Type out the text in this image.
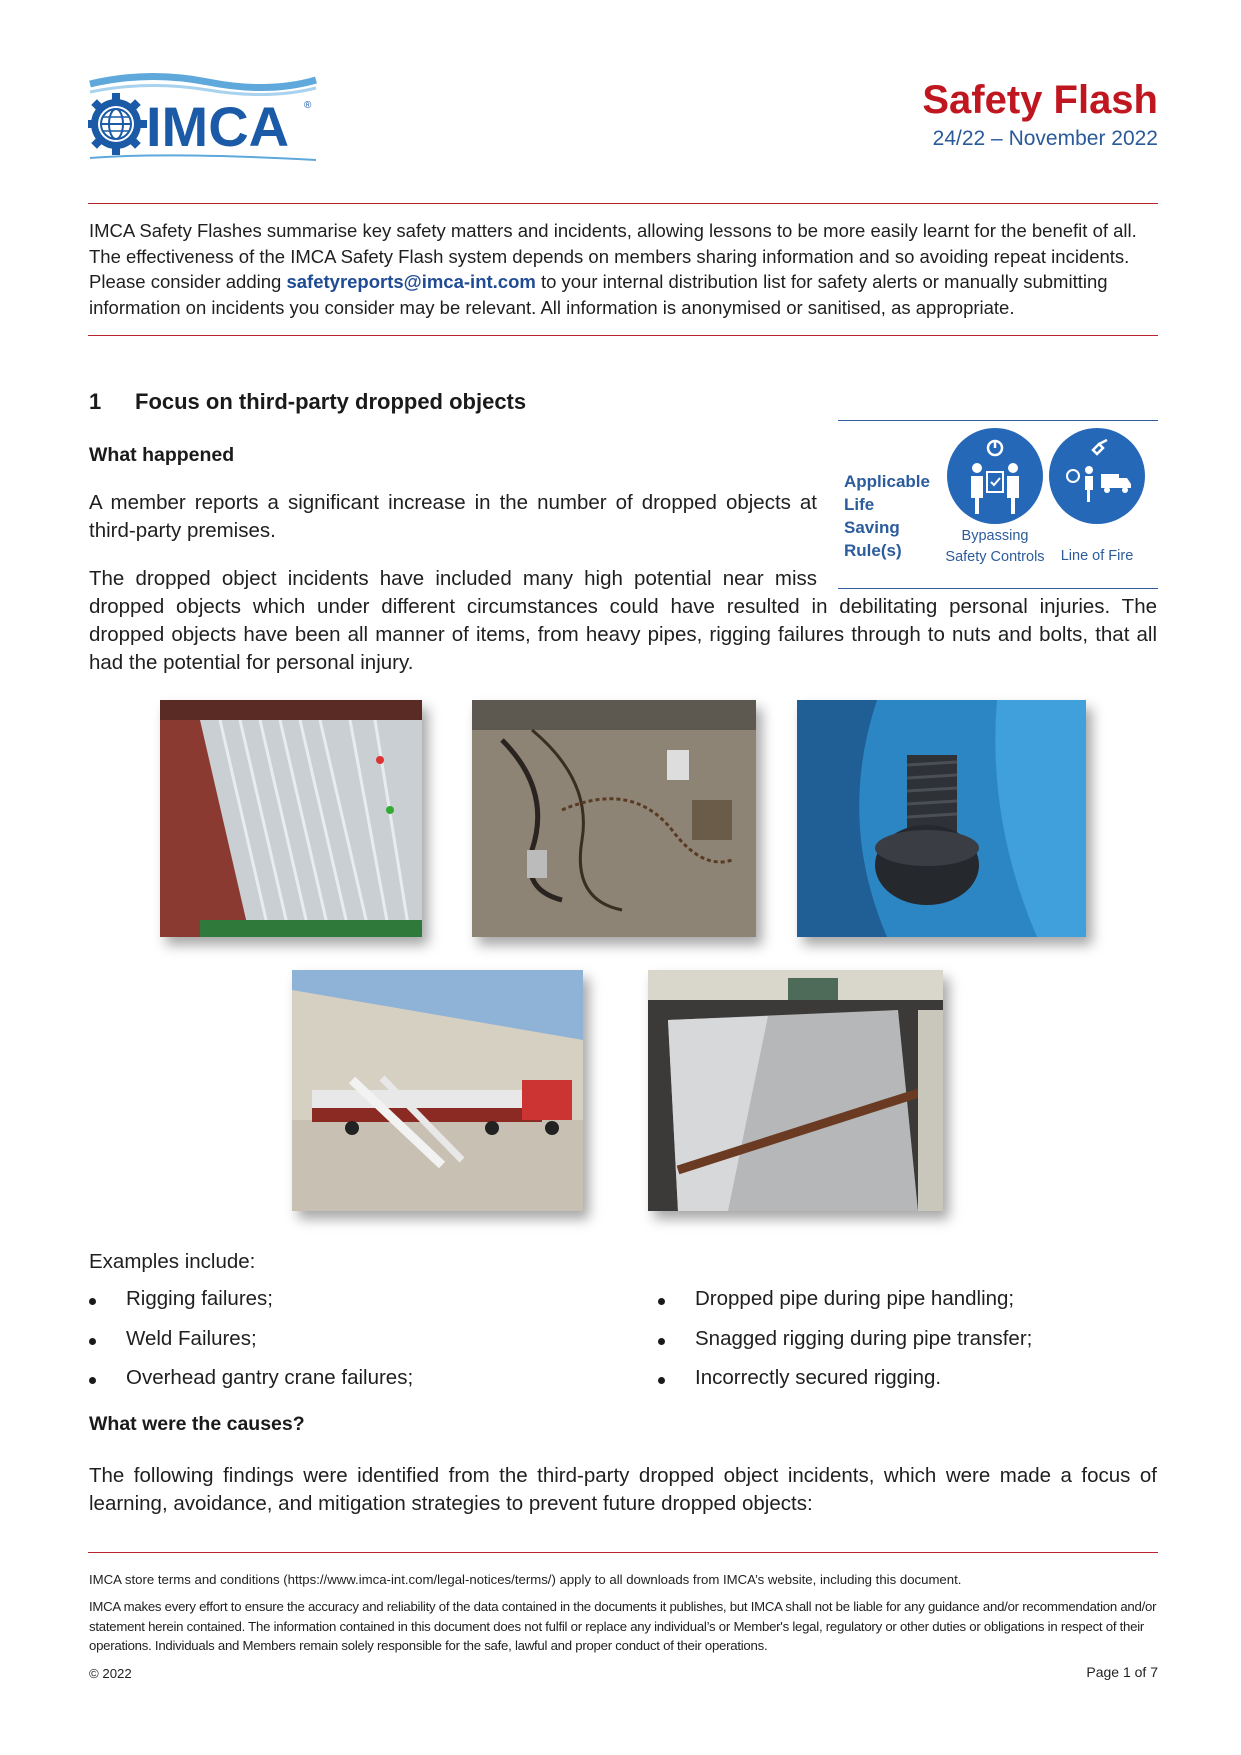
IMCA ®	Safety Flash
24/22 – November 2022
IMCA Safety Flashes summarise key safety matters and incidents, allowing lessons to be more easily learnt for the benefit of all. The effectiveness of the IMCA Safety Flash system depends on members sharing information and so avoiding repeat incidents. Please consider adding safetyreports@imca-int.com to your internal distribution list for safety alerts or manually submitting information on incidents you consider may be relevant. All information is anonymised or sanitised, as appropriate.
1 Focus on third-party dropped objects
What happened
A member reports a significant increase in the number of dropped objects at third-party premises.
The dropped object incidents have included many high potential near miss
dropped objects which under different circumstances could have resulted in debilitating personal injuries. The dropped objects have been all manner of items, from heavy pipes, rigging failures through to nuts and bolts, that all had the potential for personal injury.
Applicable Life Saving Rule(s)
Bypassing Safety Controls	Line of Fire
Examples include:
Rigging failures;
Weld Failures;
Overhead gantry crane failures;
Dropped pipe during pipe handling;
Snagged rigging during pipe transfer;
Incorrectly secured rigging.
What were the causes?
The following findings were identified from the third-party dropped object incidents, which were made a focus of learning, avoidance, and mitigation strategies to prevent future dropped objects:
IMCA store terms and conditions (https://www.imca-int.com/legal-notices/terms/) apply to all downloads from IMCA’s website, including this document.
IMCA makes every effort to ensure the accuracy and reliability of the data contained in the documents it publishes, but IMCA shall not be liable for any guidance and/or recommendation and/or statement herein contained. The information contained in this document does not fulfil or replace any individual’s or Member's legal, regulatory or other duties or obligations in respect of their operations. Individuals and Members remain solely responsible for the safe, lawful and proper conduct of their operations.
© 2022	Page 1 of 7
